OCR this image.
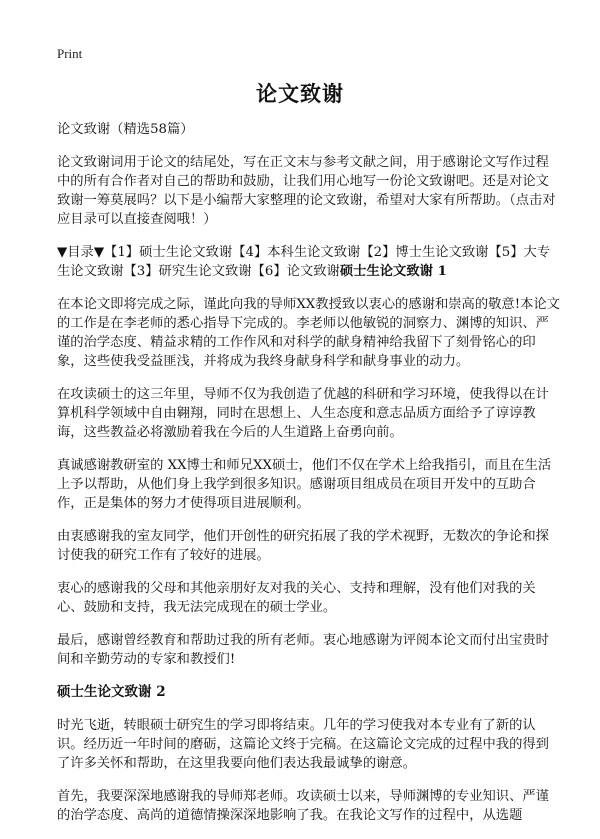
Print
论文致谢
论文致谢（精选58篇）

论文致谢词用于论文的结尾处，写在正文末与参考文献之间，用于感谢论文写作过程中的所有合作者对自己的帮助和鼓励，让我们用心地写一份论文致谢吧。还是对论文致谢一筹莫展吗？以下是小编帮大家整理的论文致谢，希望对大家有所帮助。（点击对应目录可以直接查阅哦！）

▼目录▼【1】硕士生论文致谢【4】本科生论文致谢【2】博士生论文致谢【5】大专生论文致谢【3】研究生论文致谢【6】论文致谢硕士生论文致谢 1

在本论文即将完成之际，谨此向我的导师XX教授致以衷心的感谢和崇高的敬意!本论文的工作是在李老师的悉心指导下完成的。李老师以他敏锐的洞察力、渊博的知识、严谨的治学态度、精益求精的工作作风和对科学的献身精神给我留下了刻骨铭心的印象，这些使我受益匪浅，并将成为我终身献身科学和献身事业的动力。

在攻读硕士的这三年里，导师不仅为我创造了优越的科研和学习环境，使我得以在计算机科学领域中自由翱翔，同时在思想上、人生态度和意志品质方面给予了谆谆教诲，这些教益必将激励着我在今后的人生道路上奋勇向前。

真诚感谢教研室的 XX博士和师兄XX硕士，他们不仅在学术上给我指引，而且在生活上予以帮助，从他们身上我学到很多知识。感谢项目组成员在项目开发中的互助合作，正是集体的努力才使得项目进展顺利。

由衷感谢我的室友同学，他们开创性的研究拓展了我的学术视野，无数次的争论和探讨使我的研究工作有了较好的进展。

衷心的感谢我的父母和其他亲朋好友对我的关心、支持和理解，没有他们对我的关心、鼓励和支持，我无法完成现在的硕士学业。

最后，感谢曾经教育和帮助过我的所有老师。衷心地感谢为评阅本论文而付出宝贵时间和辛勤劳动的专家和教授们!

硕士生论文致谢 2

时光飞逝，转眼硕士研究生的学习即将结束。几年的学习使我对本专业有了新的认识。经历近一年时间的磨砺，这篇论文终于完稿。在这篇论文完成的过程中我的得到了许多关怀和帮助，在这里我要向他们表达我最诚挚的谢意。

首先，我要深深地感谢我的导师郑老师。攻读硕士以来，导师渊博的专业知识、严谨的治学态度、高尚的道德情操深深地影响了我。在我论文写作的过程中，从选题
